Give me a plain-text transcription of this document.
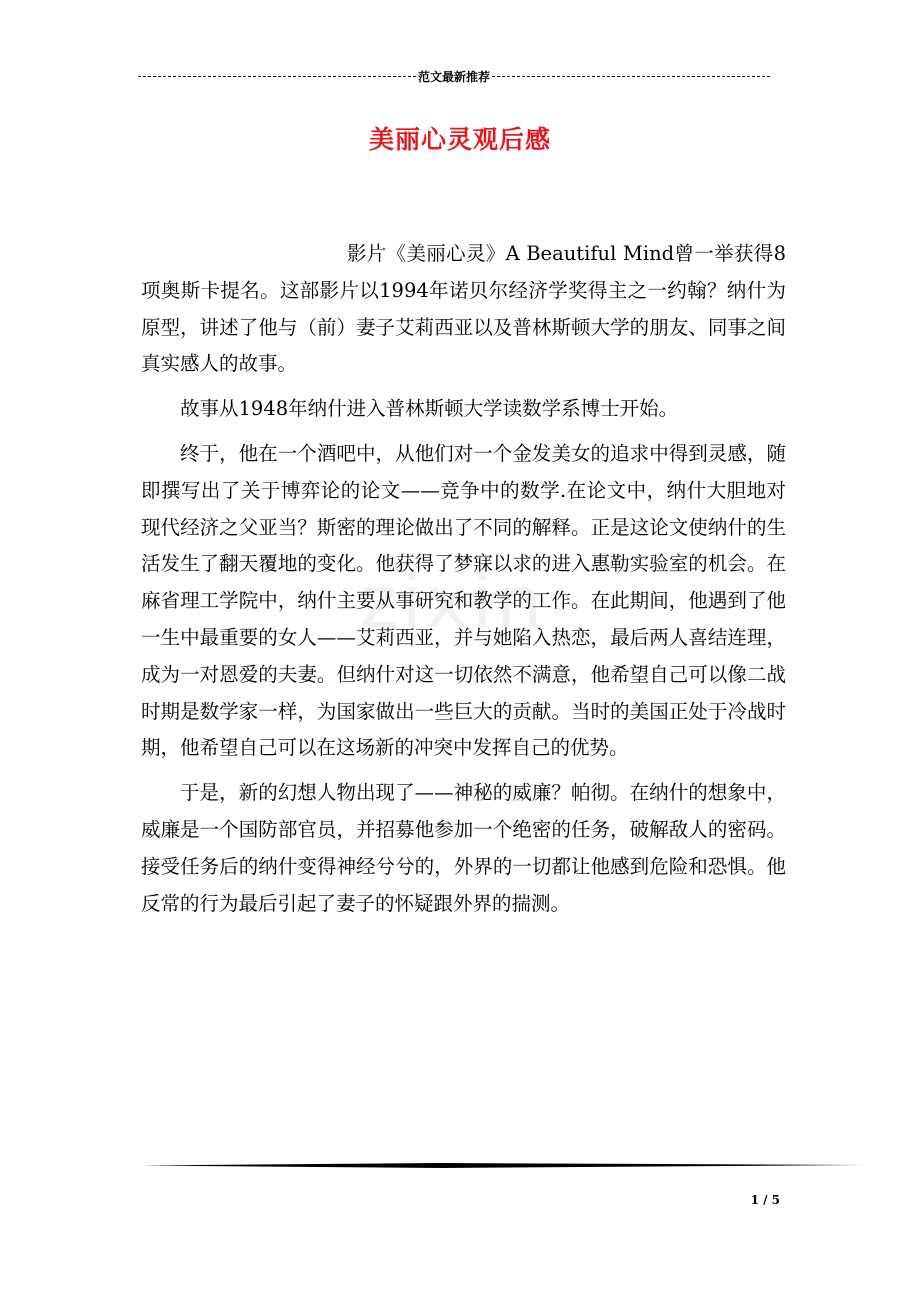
范文最新推荐
zixin
美丽心灵观后感

影片《美丽心灵》A Beautiful Mind曾一举获得8项奥斯卡提名。这部影片以1994年诺贝尔经济学奖得主之一约翰？纳什为原型，讲述了他与（前）妻子艾莉西亚以及普林斯顿大学的朋友、同事之间真实感人的故事。

故事从1948年纳什进入普林斯顿大学读数学系博士开始。

终于，他在一个酒吧中，从他们对一个金发美女的追求中得到灵感，随即撰写出了关于博弈论的论文——竞争中的数学.在论文中，纳什大胆地对现代经济之父亚当？斯密的理论做出了不同的解释。正是这论文使纳什的生活发生了翻天覆地的变化。他获得了梦寐以求的进入惠勒实验室的机会。在麻省理工学院中，纳什主要从事研究和教学的工作。在此期间，他遇到了他一生中最重要的女人——艾莉西亚，并与她陷入热恋，最后两人喜结连理，成为一对恩爱的夫妻。但纳什对这一切依然不满意，他希望自己可以像二战时期是数学家一样，为国家做出一些巨大的贡献。当时的美国正处于冷战时期，他希望自己可以在这场新的冲突中发挥自己的优势。

于是，新的幻想人物出现了——神秘的威廉？帕彻。在纳什的想象中，威廉是一个国防部官员，并招募他参加一个绝密的任务，破解敌人的密码。接受任务后的纳什变得神经兮兮的，外界的一切都让他感到危险和恐惧。他反常的行为最后引起了妻子的怀疑跟外界的揣测。

1 / 5
